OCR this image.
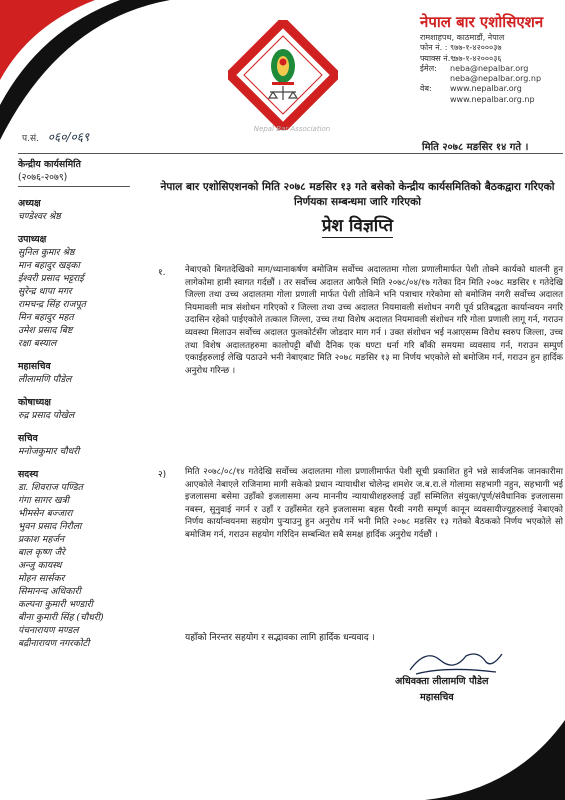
Nepal Bar Association
नेपाल बार एशोसिएशन
रामशाहपथ, काठमाडौं, नेपाल
फोन नं. : ९७७-१-४२०००३७
फ्याक्स नं. :
९७७-१-४२०००३६
ईमेल:	neba@nepalbar.org
neba@nepalbar.org.np
वेब:	www.nepalbar.org
www.nepalbar.org.np
प.सं. ०६०/०६९
मिति २०७८ मङसिर १४ गते ।
केन्द्रीय कार्यसमिति
(२०७६-२०७९)
अध्यक्ष
चण्डेश्वर श्रेष्ठ
उपाध्यक्ष
सुनिल कुमार श्रेष्ठ
मान बहादुर खड्का
ईश्वरी प्रसाद भट्टराई
सुरेन्द्र थापा मगर
रामचन्द्र सिंह राजपूत
मिन बहादुर महत
उमेश प्रसाद बिष्ट
रक्षा बस्याल
महासचिव
लीलामणि पौडेल
कोषाध्यक्ष
रुद्र प्रसाद पोखेल
सचिव
मनोजकुमार चौधरी
सदस्य
डा. शिवराज पण्डित
गंगा सागर खत्री
भीमसेन बज्जारा
भुवन प्रसाद निरौला
प्रकाश महर्जन
बाल कृष्ण जैरे
अन्जु कायस्थ
मोहन सार्सकर
सिमानन्द अधिकारी
कल्पना कुमारी भण्डारी
बीना कुमारी सिंह (चौधरी)
पंचनारायण मण्डल
बद्रीनारायण नगरकोटी
नेपाल बार एशोसिएशनको मिति २०७८ मङसिर १३ गते बसेको केन्द्रीय कार्यसमितिको बैठकद्वारा गरिएको निर्णयका सम्बन्धमा जारि गरिएको
प्रेश विज्ञप्ति
१. नेबाएको बिगतदेखिको माग/ध्यानाकर्षण बमोजिम सर्वोच्च अदालतमा गोला प्रणालीमार्फत पेशी तोक्ने कार्यको थालनी हुन लागेकोमा हामी स्वागत गर्दछौं । तर सर्वोच्च अदालत आफैले मिति २०७८/०४/१७ गतेका दिन मिति २०७८ मङसिर १ गतेदेखि जिल्ला तथा उच्च अदालतमा गोला प्रणाली मार्फत पेशी तोकिने भनि पत्राचार गरेकोमा सो बमोजिम नगरी सर्वोच्च अदालत नियमावली मात्र संशोधन गरिएको र जिल्ला तथा उच्च अदालत नियमावली संशोधन नगरी पूर्व प्रतिबद्धता कार्यान्वयन नगरि उदासिन रहेको पाईएकोले तत्काल जिल्ला, उच्च तथा विशेष अदालत नियमावली संशोधन गरि गोला प्रणाली लागू गर्न, गराउन व्यवस्था मिलाउन सर्वोच्च अदालत फुलकोर्टसँग जोडदार माग गर्न । उक्त संशोधन भई नआएसम्म विरोध स्वरुप जिल्ला, उच्च तथा विशेष अदालतहरुमा कालोपट्टी बाँधी दैनिक एक घण्टा धर्ना गरि बाँकी समयमा व्यवसाय गर्न, गराउन सम्पुर्ण एकाईहरुलाई लेखि पठाउने भनी नेबाएबाट मिति २०७८ मङसिर १३ मा निर्णय भएकोले सो बमोजिम गर्न, गराउन हुन हार्दिक अनुरोध गरिन्छ ।
२) मिति २०७८/०८/१४ गतेदेखि सर्वोच्च अदालतमा गोला प्रणालीमार्फत पेशी सूची प्रकाशित हुने भन्ने सार्वजनिक जानकारीमा आएकोले नेबाएले राजिनामा मागी सकेको प्रधान न्यायाधीश चोलेन्द्र शमशेर ज.ब.रा.ले गोलामा सहभागी नहुन, सहभागी भई इजलासमा बसेमा उहाँको इजलासमा अन्य माननीय न्यायाधीशहरुलाई उहाँ सम्मिलित संयुक्त/पूर्ण/संवैधानिक इजलासमा नबस्न, सुनुवाई नगर्न र उहाँ र उहाँसमेत रहने इजलासमा बहस पैरवी नगरी सम्पूर्ण कानून व्यवसायीज्यूहरुलाई नेबाएको निर्णय कार्यान्वयनमा सहयोग पुर्‍याउनु हुन अनुरोध गर्ने भनी मिति २०७८ मङसिर १३ गतेको बैठकको निर्णय भएकोले सो बमोजिम गर्न, गराउन सहयोग गरिदिन सम्बन्धित सबै समक्ष हार्दिक अनुरोध गर्दछौं ।
यहाँको निरन्तर सहयोग र सद्भावका लागि हार्दिक धन्यवाद ।
अधिवक्ता लीलामणि पौडेल
महासचिव
